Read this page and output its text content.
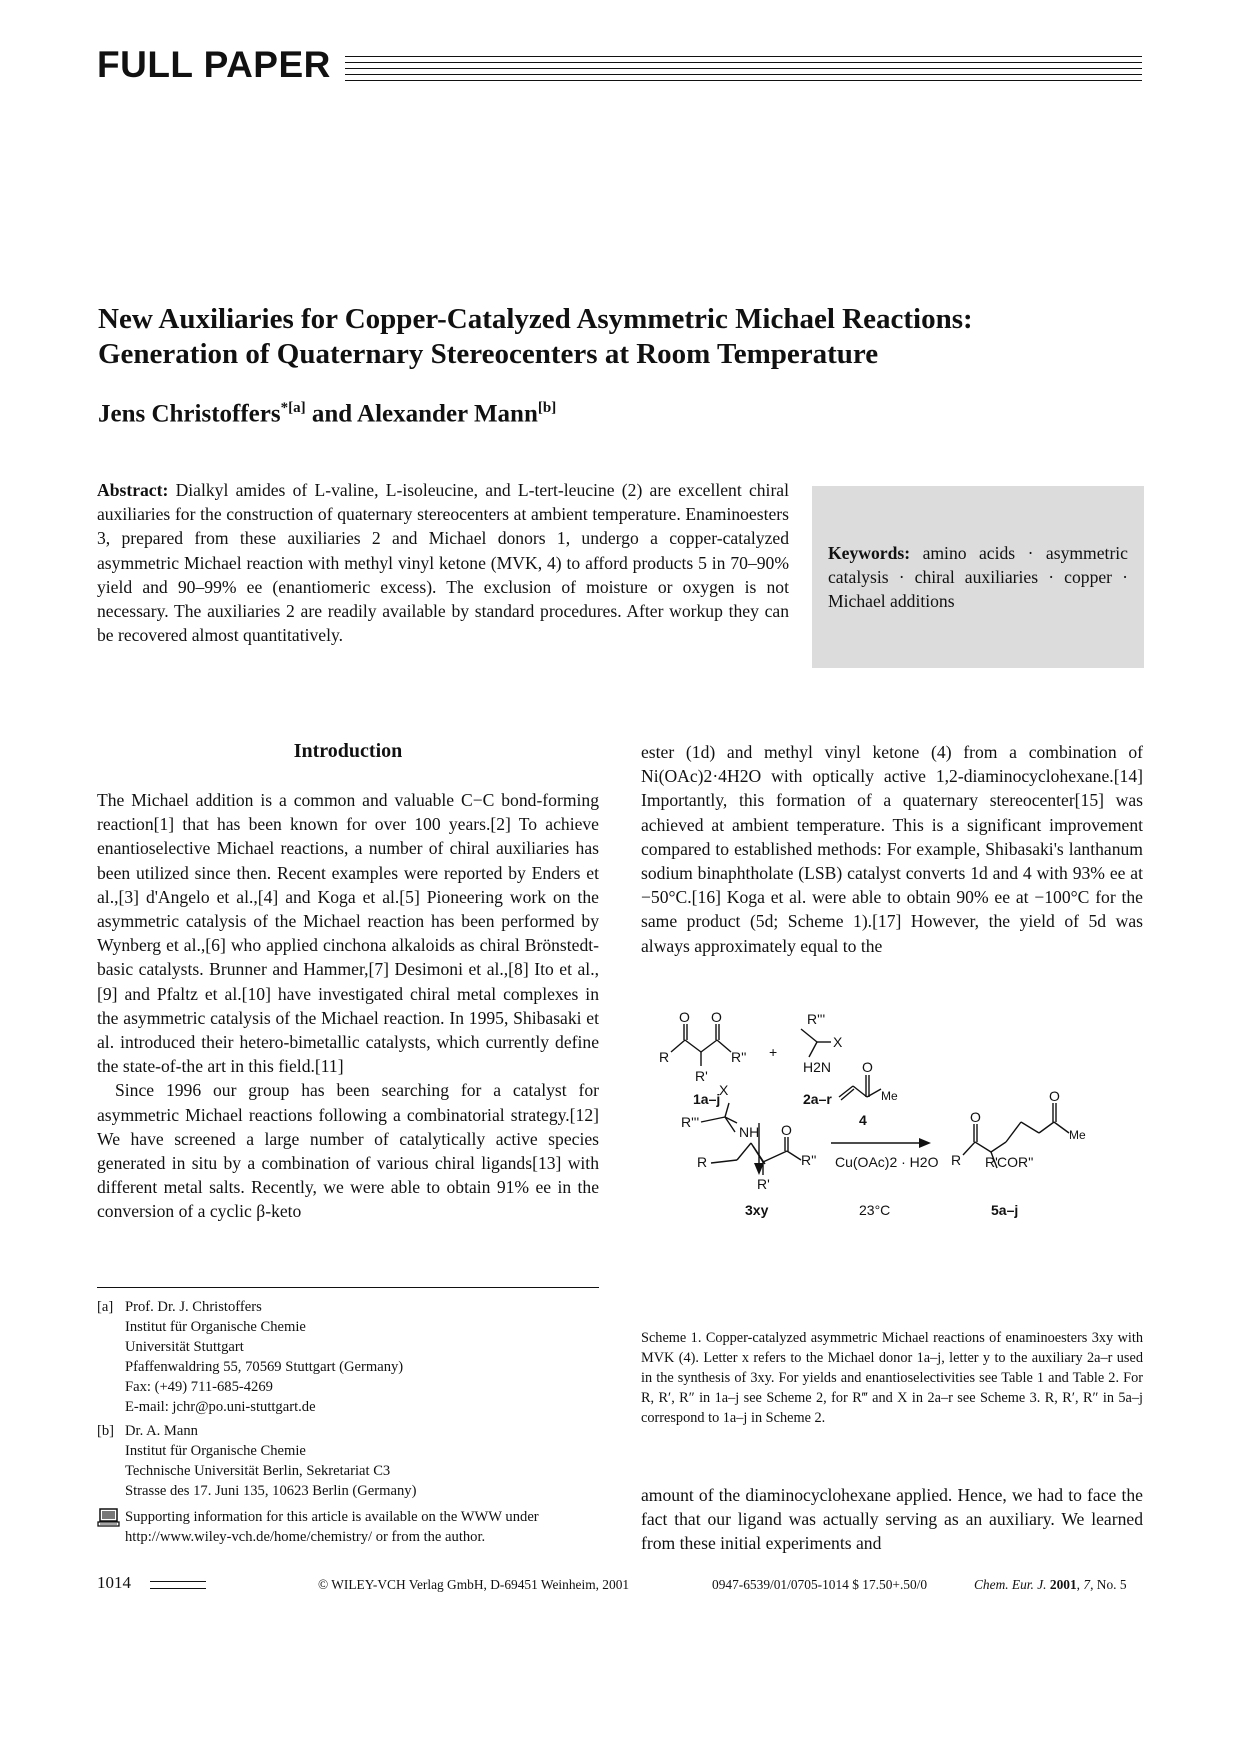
FULL PAPER
New Auxiliaries for Copper-Catalyzed Asymmetric Michael Reactions:
Generation of Quaternary Stereocenters at Room Temperature
Jens Christoffers$^{*[a]}$ and Alexander Mann[b]
Abstract: Dialkyl amides of L-valine, L-isoleucine, and L-tert-leucine (2) are excellent chiral auxiliaries for the construction of quaternary stereocenters at ambient temperature. Enaminoesters 3, prepared from these auxiliaries 2 and Michael donors 1, undergo a copper-catalyzed asymmetric Michael reaction with methyl vinyl ketone (MVK, 4) to afford products 5 in 70–90% yield and 90–99% ee (enantiomeric excess). The exclusion of moisture or oxygen is not necessary. The auxiliaries 2 are readily available by standard procedures. After workup they can be recovered almost quantitatively.
Keywords: amino acids · asymmetric catalysis · chiral auxiliaries · copper · Michael additions
Introduction

The Michael addition is a common and valuable C−C bond-forming reaction[1] that has been known for over 100 years.[2] To achieve enantioselective Michael reactions, a number of chiral auxiliaries has been utilized since then. Recent examples were reported by Enders et al.,[3] d'Angelo et al.,[4] and Koga et al.[5] Pioneering work on the asymmetric catalysis of the Michael reaction has been performed by Wynberg et al.,[6] who applied cinchona alkaloids as chiral Brönstedt-basic catalysts. Brunner and Hammer,[7] Desimoni et al.,[8] Ito et al.,[9] and Pfaltz et al.[10] have investigated chiral metal complexes in the asymmetric catalysis of the Michael reaction. In 1995, Shibasaki et al. introduced their hetero-bimetallic catalysts, which currently define the state-of-the art in this field.[11]

Since 1996 our group has been searching for a catalyst for asymmetric Michael reactions following a combinatorial strategy.[12] We have screened a large number of catalytically active species generated in situ by a combination of various chiral ligands[13] with different metal salts. Recently, we were able to obtain 91% ee in the conversion of a cyclic β-keto

[a] Prof. Dr. J. Christoffers
Institut für Organische Chemie
Universität Stuttgart
Pfaffenwaldring 55, 70569 Stuttgart (Germany)
Fax: (+49) 711-685-4269
E-mail: jchr@po.uni-stuttgart.de
[b] Dr. A. Mann
Institut für Organische Chemie
Technische Universität Berlin, Sekretariat C3
Strasse des 17. Juni 135, 10623 Berlin (Germany)
Supporting information for this article is available on the WWW under http://www.wiley-vch.de/home/chemistry/ or from the author.

ester (1d) and methyl vinyl ketone (4) from a combination of Ni(OAc)2·4H2O with optically active 1,2-diaminocyclohexane.[14] Importantly, this formation of a quaternary stereocenter[15] was achieved at ambient temperature. This is a significant improvement compared to established methods: For example, Shibasaki's lanthanum sodium binaphtholate (LSB) catalyst converts 1d and 4 with 93% ee at −50°C.[16] Koga et al. were able to obtain 90% ee at −100°C for the same product (5d; Scheme 1).[17] However, the yield of 5d was always approximately equal to the

O O
R	R''
R'
1a–j
+
R'''
X
H2N
2a–r
X
R'''
NH O
R	R''
R'
3xy
O
Me
4
Cu(OAc)2 · H2O
23°C
O
O
R
Me
R' COR''
5a–j
Scheme 1. Copper-catalyzed asymmetric Michael reactions of enaminoesters 3xy with MVK (4). Letter x refers to the Michael donor 1a–j, letter y to the auxiliary 2a–r used in the synthesis of 3xy. For yields and enantioselectivities see Table 1 and Table 2. For R, R′, R″ in 1a–j see Scheme 2, for R‴ and X in 2a–r see Scheme 3. R, R′, R″ in 5a–j correspond to 1a–j in Scheme 2.

amount of the diaminocyclohexane applied. Hence, we had to face the fact that our ligand was actually serving as an auxiliary. We learned from these initial experiments and

1014	© WILEY-VCH Verlag GmbH, D-69451 Weinheim, 2001	0947-6539/01/0705-1014 $ 17.50+.50/0	Chem. Eur. J. 2001, 7, No. 5
